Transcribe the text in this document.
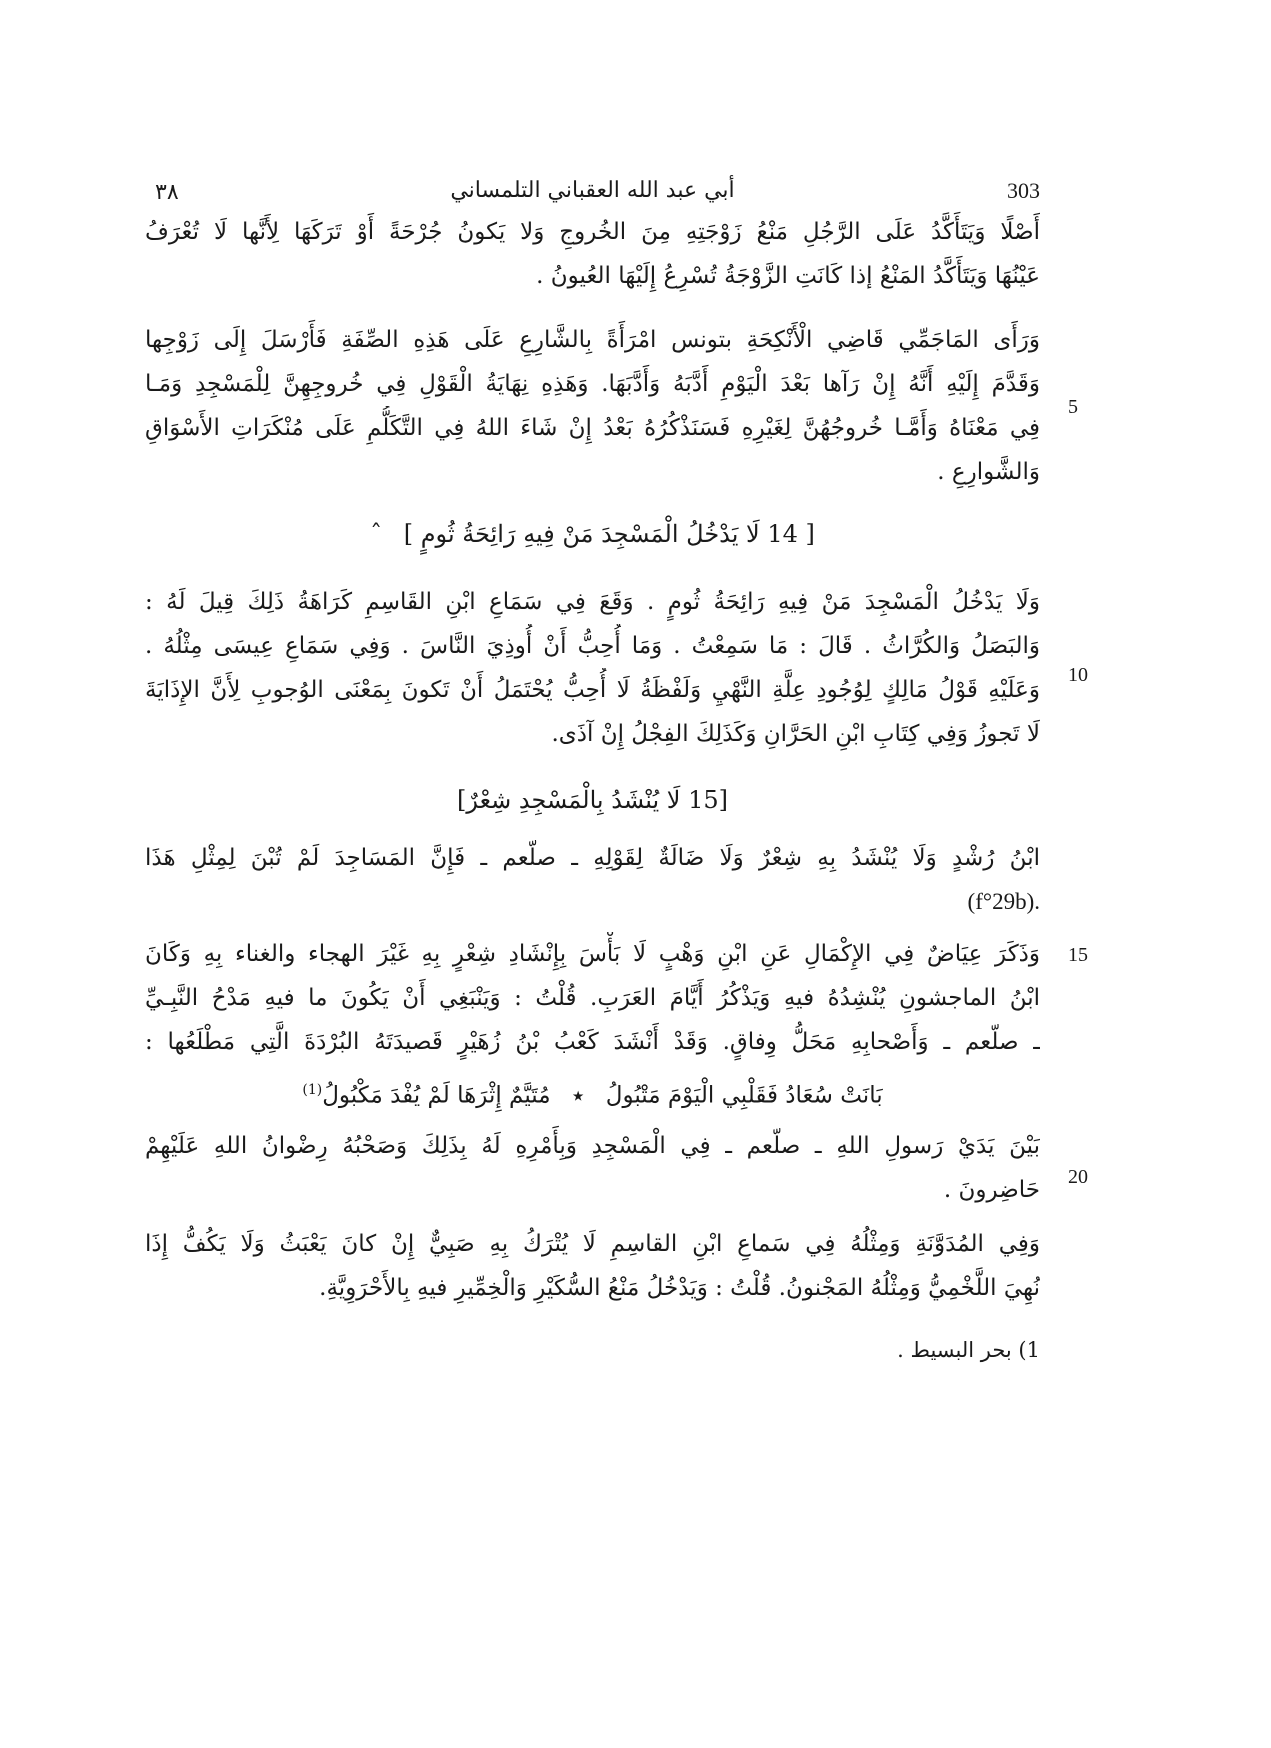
٣٨	أبي عبد الله العقباني التلمساني	303
أَصْلًا وَيَتَأَكَّدُ عَلَى الرَّجُلِ مَنْعُ زَوْجَتِهِ مِنَ الخُروجِ وَلا يَكونُ جُرْحَةً أَوْ تَرَكَهَا لِأَنَّها لَا تُعْرَفُ
عَيْنُهَا وَيَتَأَكَّدُ المَنْعُ إذا كَانَتِ الزَّوْجَةُ تُسْرِعُ إِلَيْهَا العُيونُ .
وَرَأَى المَاجَمِّي قَاضِي الْأَنْكِحَةِ بتونس امْرَأَةً بِالشَّارِعِ عَلَى هَذِهِ الصِّفَةِ فَأَرْسَلَ إِلَى زَوْجِها
وَقَدَّمَ إِلَيْهِ أَنَّهُ إِنْ رَآها بَعْدَ الْيَوْمِ أَدَّبَهُ وَأَدَّبَهَا. وَهَذِهِ نِهَايَةُ الْقَوْلِ فِي خُروجِهِنَّ لِلْمَسْجِدِ وَمَـا
فِي مَعْنَاهُ وَأَمَّـا خُروجُهُنَّ لِغَيْرِهِ فَسَنَذْكُرُهُ بَعْدُ إِنْ شَاءَ اللهُ فِي التَّكَلُّمِ عَلَى مُنْكَرَاتِ الأَسْوَاقِ
وَالشَّوارِعِ .
5
[ 14 لَا يَدْخُلُ الْمَسْجِدَ مَنْ فِيهِ رَائِحَةُ ثُومٍ ] ˆ
وَلَا يَدْخُلُ الْمَسْجِدَ مَنْ فِيهِ رَائِحَةُ ثُومٍ . وَقَعَ فِي سَمَاعِ ابْنِ القَاسِمِ كَرَاهَةُ ذَلِكَ قِيلَ لَهُ :
وَالبَصَلُ وَالكُرَّاثُ . قَالَ : مَا سَمِعْتُ . وَمَا أُحِبُّ أَنْ أُوذِيَ النَّاسَ . وَفِي سَمَاعِ عِيسَى مِثْلُهُ .
وَعَلَيْهِ قَوْلُ مَالِكٍ لِوُجُودِ عِلَّةِ النَّهْيِ وَلَفْظَةُ لَا أُحِبُّ يُحْتَمَلُ أَنْ تَكونَ بِمَعْنَى الوُجوبِ لِأَنَّ الإِذَايَةَ
لَا تَجوزُ وَفِي كِتَابِ ابْنِ الحَرَّانِ وَكَذَلِكَ الفِجْلُ إِنْ آذَى.
10
[15 لَا يُنْشَدُ بِالْمَسْجِدِ شِعْرٌ]
ابْنُ رُشْدٍ وَلَا يُنْشَدُ بِهِ شِعْرٌ وَلَا ضَالَةٌ لِقَوْلِهِ ـ صلّعم ـ فَإِنَّ المَسَاجِدَ لَمْ تُبْنَ لِمِثْلِ هَذَا
.(f°29b)
وَذَكَرَ عِيَاضٌ فِي الإِكْمَالِ عَنِ ابْنِ وَهْبٍ لَا بَأْسَ بِإِنْشَادِ شِعْرٍ بِهِ غَيْرَ الهجاء والغناء بِهِ وَكَانَ
ابْنُ الماجشونِ يُنْشِدُهُ فيهِ وَيَذْكُرُ أَيَّامَ العَرَبِ. قُلْتُ : وَيَنْبَغِي أَنْ يَكُونَ ما فيهِ مَدْحُ النَّبِـيِّ
ـ صلّعم ـ وَأَصْحابِهِ مَحَلُّ وِفاقٍ. وَقَدْ أَنْشَدَ كَعْبُ بْنُ زُهَيْرٍ قَصيدَتَهُ البُرْدَةَ الَّتِي مَطْلَعُها :
15
بَانَتْ سُعَادُ فَقَلْبِي الْيَوْمَ مَتْبُولُ ٭ مُتَيَّمٌ إِثْرَهَا لَمْ يُفْدَ مَكْبُولُ$^{(1)}$
بَيْنَ يَدَيْ رَسولِ اللهِ ـ صلّعم ـ فِي الْمَسْجِدِ وَبِأَمْرِهِ لَهُ بِذَلِكَ وَصَحْبُهُ رِضْوانُ اللهِ عَلَيْهِمْ
حَاضِرونَ . 20
وَفِي المُدَوَّنَةِ وَمِثْلُهُ فِي سَماعِ ابْنِ القاسِمِ لَا يُتْرَكُ بِهِ صَبِيٌّ إِنْ كانَ يَعْبَثُ وَلَا يَكُفُّ إِذَا
نُهِيَ اللَّخْمِيُّ وَمِثْلُهُ المَجْنونُ. قُلْتُ : وَيَدْخُلُ مَنْعُ السُّكَيْرِ وَالْخِمِّيرِ فيهِ بِالأَحْرَوِيَّةِ.
1) بحر البسيط .
